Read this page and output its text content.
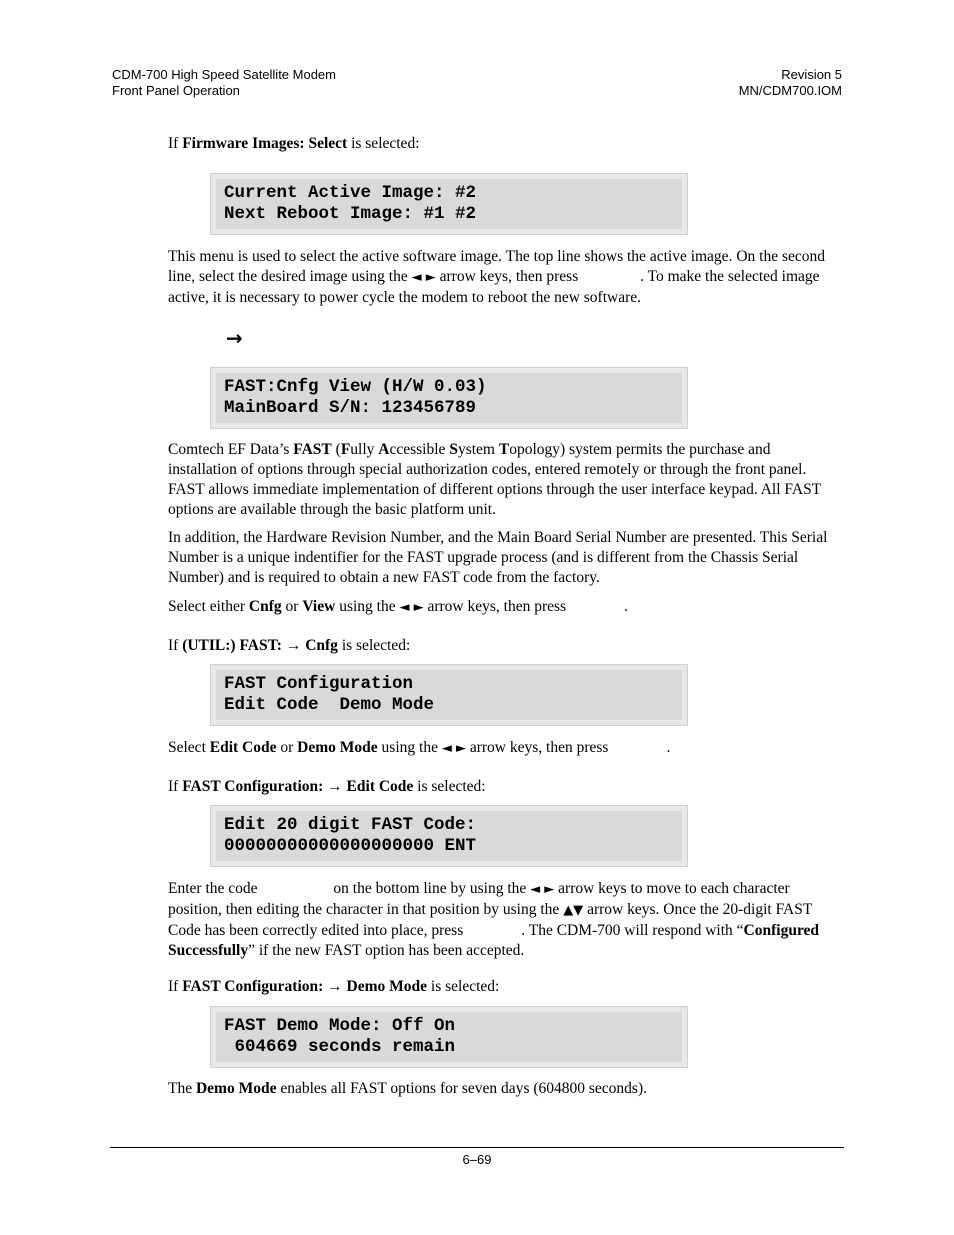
CDM-700 High Speed Satellite Modem
Front Panel Operation
Revision 5
MN/CDM700.IOM

If Firmware Images: Select is selected:

Current Active Image: #2
Next Reboot Image: #1 #2

This menu is used to select the active software image. The top line shows the active image. On the second line, select the desired image using the ◄ ► arrow keys, then press	. To make the selected image active, it is necessary to power cycle the modem to reboot the new software.

→
FAST:Cnfg View (H/W 0.03)
MainBoard S/N: 123456789

Comtech EF Data’s FAST (Fully Accessible System Topology) system permits the purchase and installation of options through special authorization codes, entered remotely or through the front panel. FAST allows immediate implementation of different options through the user interface keypad. All FAST options are available through the basic platform unit.

In addition, the Hardware Revision Number, and the Main Board Serial Number are presented. This Serial Number is a unique indentifier for the FAST upgrade process (and is different from the Chassis Serial Number) and is required to obtain a new FAST code from the factory.

Select either Cnfg or View using the ◄ ► arrow keys, then press	.

If (UTIL:) FAST: → Cnfg is selected:

FAST Configuration
Edit Code  Demo Mode

Select Edit Code or Demo Mode using the ◄ ► arrow keys, then press	.

If FAST Configuration: → Edit Code is selected:

Edit 20 digit FAST Code:
00000000000000000000 ENT

Enter the code	on the bottom line by using the ◄ ► arrow keys to move to each character position, then editing the character in that position by using the ▲▼ arrow keys. Once the 20-digit FAST Code has been correctly edited into place, press	. The CDM-700 will respond with “Configured Successfully” if the new FAST option has been accepted.

If FAST Configuration: → Demo Mode is selected:

FAST Demo Mode: Off On
604669 seconds remain

The Demo Mode enables all FAST options for seven days (604800 seconds).

6–69
